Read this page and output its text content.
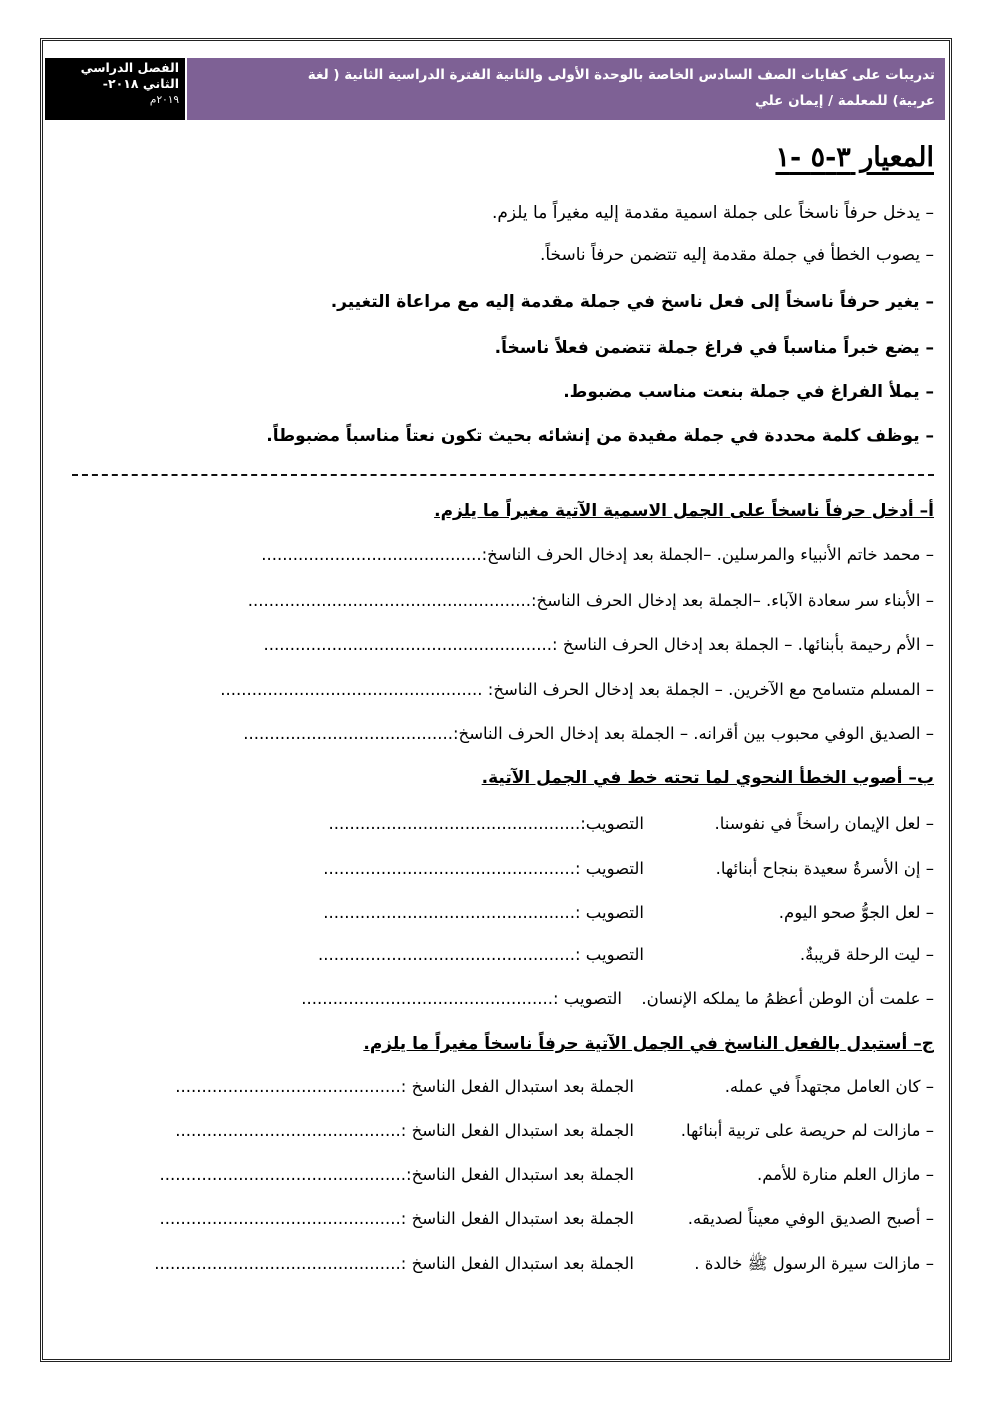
الفصل الدراسي
الثاني ٢٠١٨-
٢٠١٩م
تدريبات على كفايات الصف السادس الخاصة بالوحدة الأولى والثانية الفترة الدراسية الثانية ( لغة
عربية) للمعلمة / إيمان علي
المعيار ٣-٥ -١
– يدخل حرفاً ناسخاً على جملة اسمية مقدمة إليه مغيراً ما يلزم.
– يصوب الخطأ في جملة مقدمة إليه تتضمن حرفاً ناسخاً.
– يغير حرفاً ناسخاً إلى فعل ناسخ في جملة مقدمة إليه مع مراعاة التغيير.
– يضع خبراً مناسباً في فراغ جملة تتضمن فعلاً ناسخاً.
– يملأ الفراغ في جملة بنعت مناسب مضبوط.
– يوظف كلمة محددة في جملة مفيدة من إنشائه بحيث تكون نعتاً مناسباً مضبوطاً.
أ– أدخل حرفاً ناسخاً على الجمل الاسمية الآتية مغيراً ما يلزم.
– محمد خاتم الأنبياء والمرسلين. –الجملة بعد إدخال الحرف الناسخ:..........................................
– الأبناء سر سعادة الآباء. –الجملة بعد إدخال الحرف الناسخ:......................................................
– الأم رحيمة بأبنائها. – الجملة بعد إدخال الحرف الناسخ :.......................................................
– المسلم متسامح مع الآخرين. – الجملة بعد إدخال الحرف الناسخ: ..................................................
– الصديق الوفي محبوب بين أقرانه. – الجملة بعد إدخال الحرف الناسخ:........................................
ب– أصوب الخطأ النحوي لما تحته خط في الجمل الآتية.
– لعل الإيمان راسخاً في نفوسنا.
التصويب:................................................
– إن الأسرةُ سعيدة بنجاح أبنائها.
التصويب :................................................
– لعل الجوُّ صحو اليوم.
التصويب :................................................
– ليت الرحلة قريبةٌ.
التصويب :.................................................
– علمت أن الوطن أعظمُ ما يملكه الإنسان.
التصويب :................................................
ج– أستبدل بالفعل الناسخ في الجمل الآتية حرفاً ناسخاً مغيراً ما يلزم.
– كان العامل مجتهداً في عمله.
الجملة بعد استبدال الفعل الناسخ :...........................................
– مازالت لم حريصة على تربية أبنائها.
الجملة بعد استبدال الفعل الناسخ :...........................................
– مازال العلم منارة للأمم.
الجملة بعد استبدال الفعل الناسخ:...............................................
– أصبح الصديق الوفي معيناً لصديقه.
الجملة بعد استبدال الفعل الناسخ :..............................................
– مازالت سيرة الرسول ﷺ خالدة .
الجملة بعد استبدال الفعل الناسخ :...............................................
